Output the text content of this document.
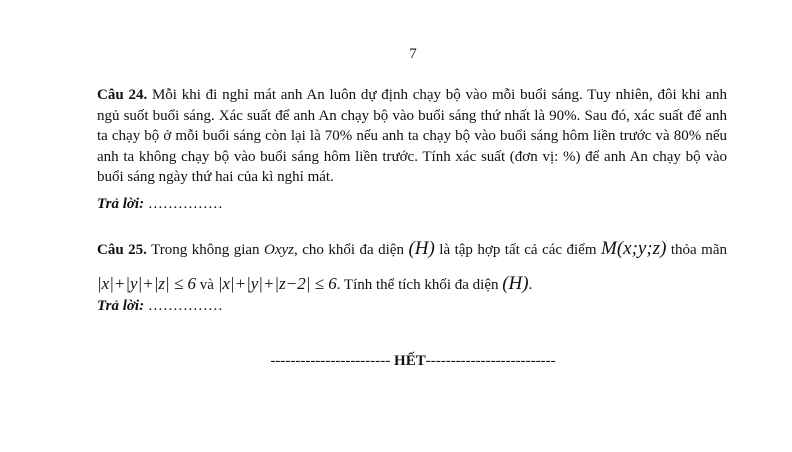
7
Câu 24. Mỗi khi đi nghỉ mát anh An luôn dự định chạy bộ vào mỗi buổi sáng. Tuy nhiên, đôi khi anh ngủ suốt buổi sáng. Xác suất để anh An chạy bộ vào buổi sáng thứ nhất là 90%. Sau đó, xác suất để anh ta chạy bộ ở mỗi buổi sáng còn lại là 70% nếu anh ta chạy bộ vào buổi sáng hôm liền trước và 80% nếu anh ta không chạy bộ vào buổi sáng hôm liền trước. Tính xác suất (đơn vị: %) để anh An chạy bộ vào buổi sáng ngày thứ hai của kì nghỉ mát.
Trả lời: ……………
Câu 25. Trong không gian Oxyz, cho khối đa diện (H) là tập hợp tất cả các điểm M(x;y;z) thỏa mãn |x|+|y|+|z| ≤ 6 và |x|+|y|+|z−2| ≤ 6. Tính thể tích khối đa diện (H).
Trả lời: ……………
------------------------ HẾT--------------------------
